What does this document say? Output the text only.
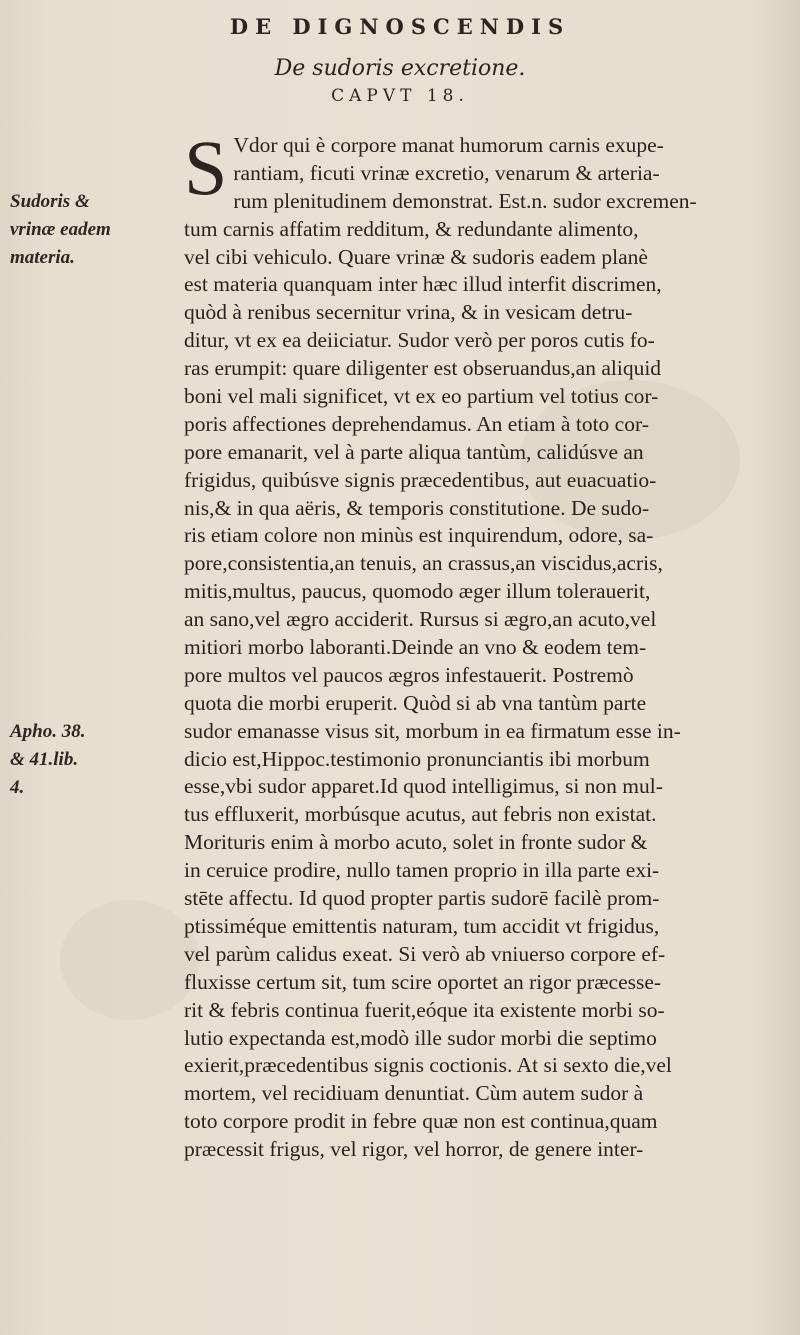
DE DIGNOSCENDIS
De sudoris excretione.
CAPVT 18.
Sudoris &
vrinæ eadem
materia.
Apho. 38.
& 41.lib.
4.
S Vdor qui è corpore manat humorum carnis exupe-
rantiam, ficuti vrinæ excretio, venarum & arteria-
rum plenitudinem demonstrat. Est.n. sudor excremen-
tum carnis affatim redditum, & redundante alimento,
vel cibi vehiculo. Quare vrinæ & sudoris eadem planè
est materia quanquam inter hæc illud interfit discrimen,
quòd à renibus secernitur vrina, & in vesicam detru-
ditur, vt ex ea deiiciatur. Sudor verò per poros cutis fo-
ras erumpit: quare diligenter est obseruandus,an aliquid
boni vel mali significet, vt ex eo partium vel totius cor-
poris affectiones deprehendamus. An etiam à toto cor-
pore emanarit, vel à parte aliqua tantùm, calidúsve an
frigidus, quibúsve signis præcedentibus, aut euacuatio-
nis,& in qua aëris, & temporis constitutione. De sudo-
ris etiam colore non minùs est inquirendum, odore, sa-
pore,consistentia,an tenuis, an crassus,an viscidus,acris,
mitis,multus, paucus, quomodo æger illum tolerauerit,
an sano,vel ægro acciderit. Rursus si ægro,an acuto,vel
mitiori morbo laboranti.Deinde an vno & eodem tem-
pore multos vel paucos ægros infestauerit. Postremò
quota die morbi eruperit. Quòd si ab vna tantùm parte
sudor emanasse visus sit, morbum in ea firmatum esse in-
dicio est,Hippoc.testimonio pronunciantis ibi morbum
esse,vbi sudor apparet.Id quod intelligimus, si non mul-
tus effluxerit, morbúsque acutus, aut febris non existat.
Morituris enim à morbo acuto, solet in fronte sudor &
in ceruice prodire, nullo tamen proprio in illa parte exi-
stēte affectu. Id quod propter partis sudorē facilè prom-
ptissiméque emittentis naturam, tum accidit vt frigidus,
vel parùm calidus exeat. Si verò ab vniuerso corpore ef-
fluxisse certum sit, tum scire oportet an rigor præcesse-
rit & febris continua fuerit,eóque ita existente morbi so-
lutio expectanda est,modò ille sudor morbi die septimo
exierit,præcedentibus signis coctionis. At si sexto die,vel
mortem, vel recidiuam denuntiat. Cùm autem sudor à
toto corpore prodit in febre quæ non est continua,quam
præcessit frigus, vel rigor, vel horror, de genere inter-
